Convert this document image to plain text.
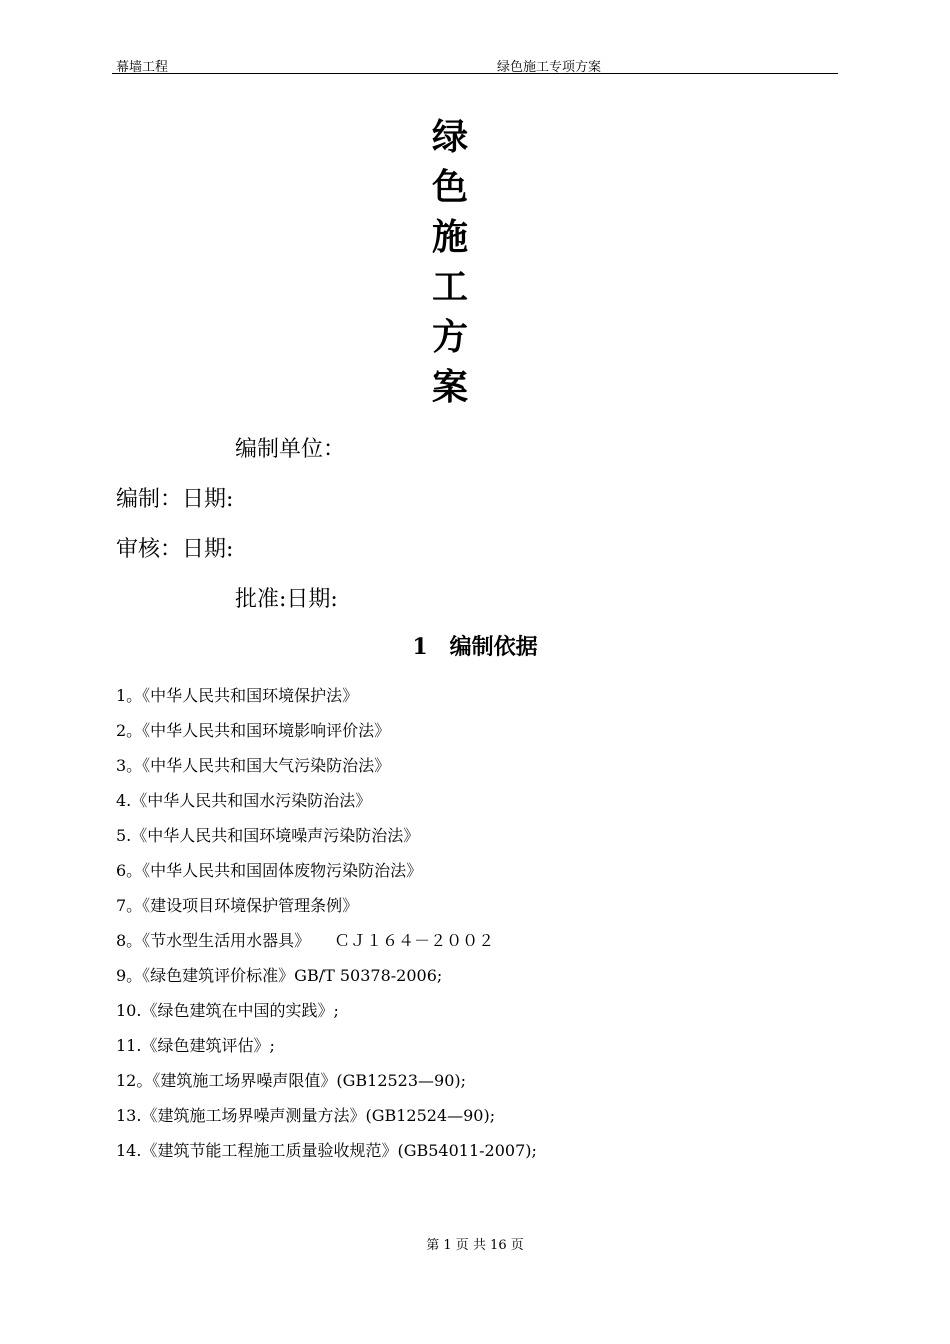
幕墙工程	绿色施工专项方案
绿
色
施
工
方
案
编制单位：
编制：日期:
审核：日期:
批准:日期:
1 编制依据
1。《中华人民共和国环境保护法》
2。《中华人民共和国环境影响评价法》
3。《中华人民共和国大气污染防治法》
4.《中华人民共和国水污染防治法》
5.《中华人民共和国环境噪声污染防治法》
6。《中华人民共和国固体废物污染防治法》
7。《建设项目环境保护管理条例》
8。《节水型生活用水器具》　　ＣＪ１６４－２００２
9。《绿色建筑评价标准》GB/T 50378-2006;
10.《绿色建筑在中国的实践》;
11.《绿色建筑评估》;
12。《建筑施工场界噪声限值》(GB12523—90);
13.《建筑施工场界噪声测量方法》(GB12524—90);
14.《建筑节能工程施工质量验收规范》(GB54011-2007);
第 1 页 共 16 页
